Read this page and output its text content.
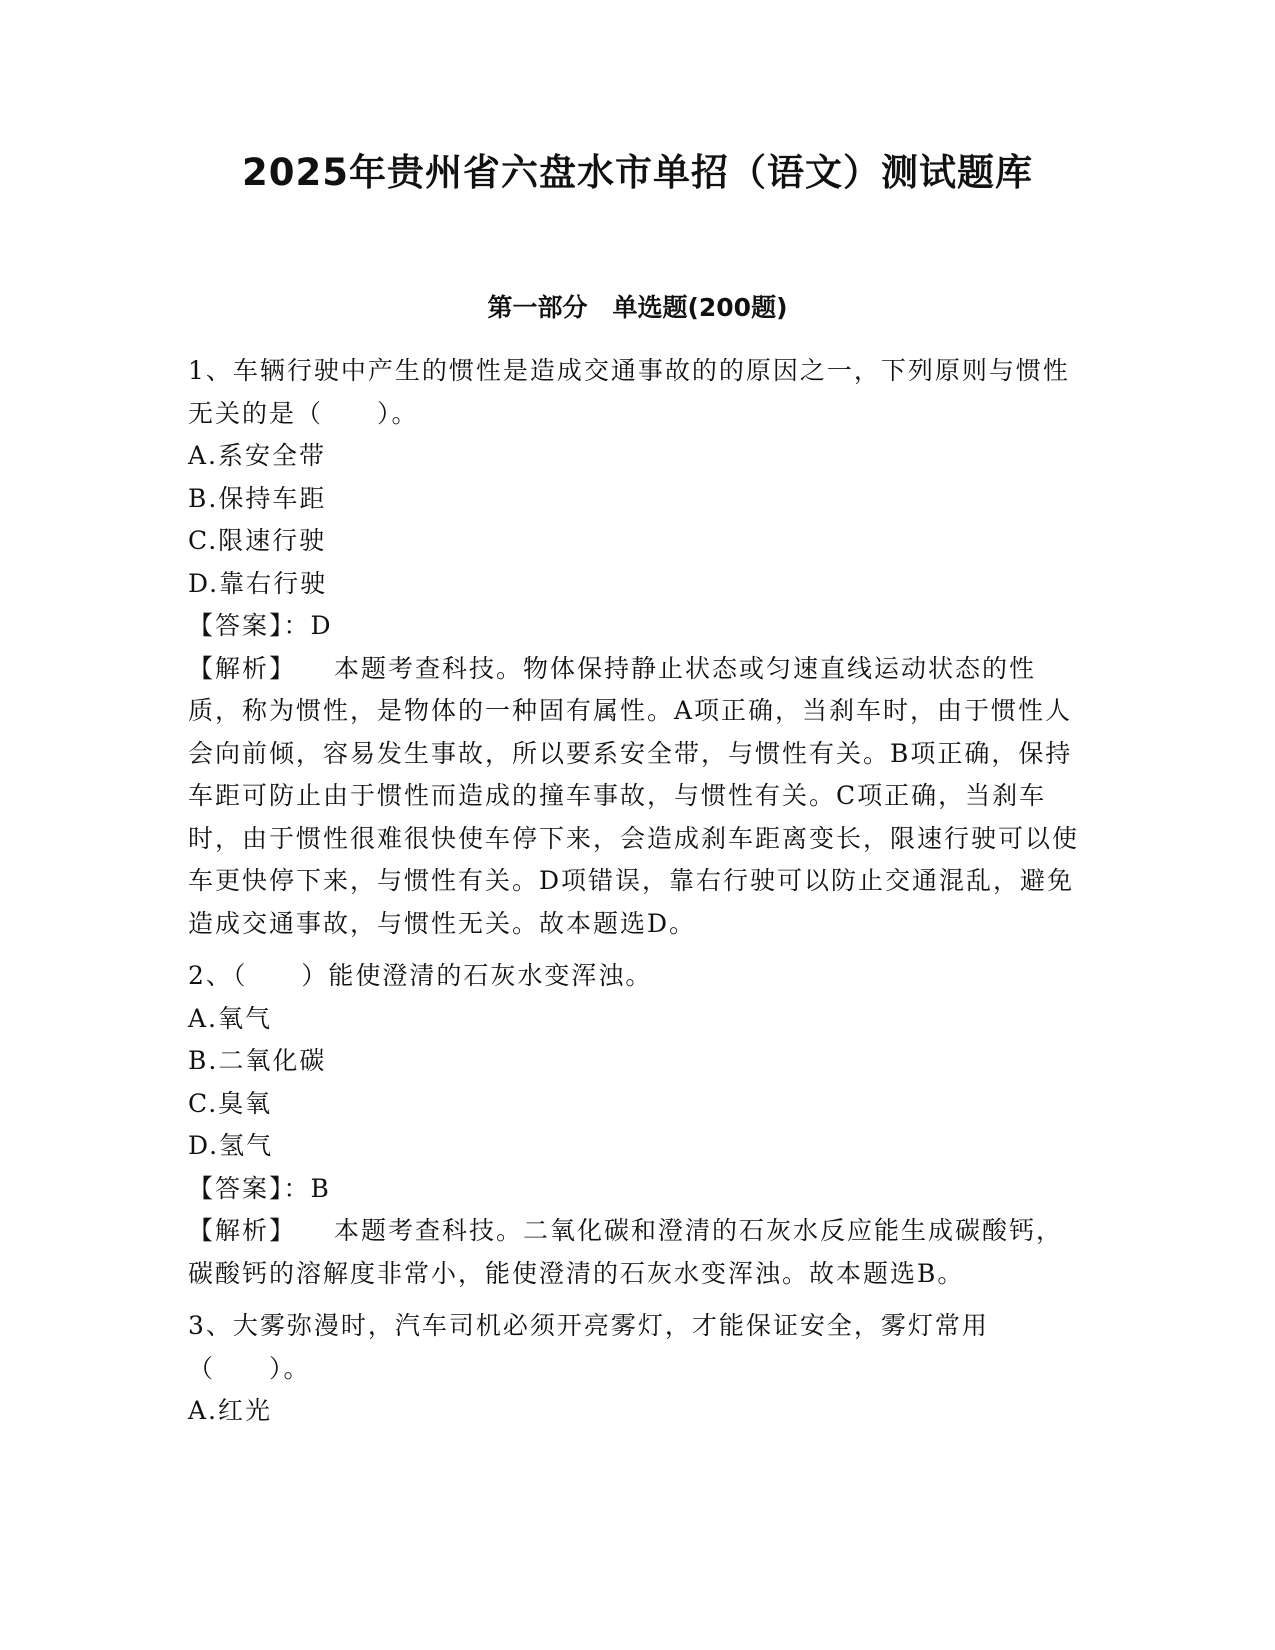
2025年贵州省六盘水市单招（语文）测试题库
第一部分　单选题(200题)

1、车辆行驶中产生的惯性是造成交通事故的的原因之一，下列原则与惯性无关的是（　　）。

A.系安全带

B.保持车距

C.限速行驶

D.靠右行驶

【答案】：D

【解析】 本题考查科技。物体保持静止状态或匀速直线运动状态的性质，称为惯性，是物体的一种固有属性。A项正确，当刹车时，由于惯性人会向前倾，容易发生事故，所以要系安全带，与惯性有关。B项正确，保持车距可防止由于惯性而造成的撞车事故，与惯性有关。C项正确，当刹车时，由于惯性很难很快使车停下来，会造成刹车距离变长，限速行驶可以使车更快停下来，与惯性有关。D项错误，靠右行驶可以防止交通混乱，避免造成交通事故，与惯性无关。故本题选D。

2、（　　）能使澄清的石灰水变浑浊。

A.氧气

B.二氧化碳

C.臭氧

D.氢气

【答案】：B

【解析】 本题考查科技。二氧化碳和澄清的石灰水反应能生成碳酸钙，碳酸钙的溶解度非常小，能使澄清的石灰水变浑浊。故本题选B。

3、大雾弥漫时，汽车司机必须开亮雾灯，才能保证安全，雾灯常用（　　）。

A.红光
